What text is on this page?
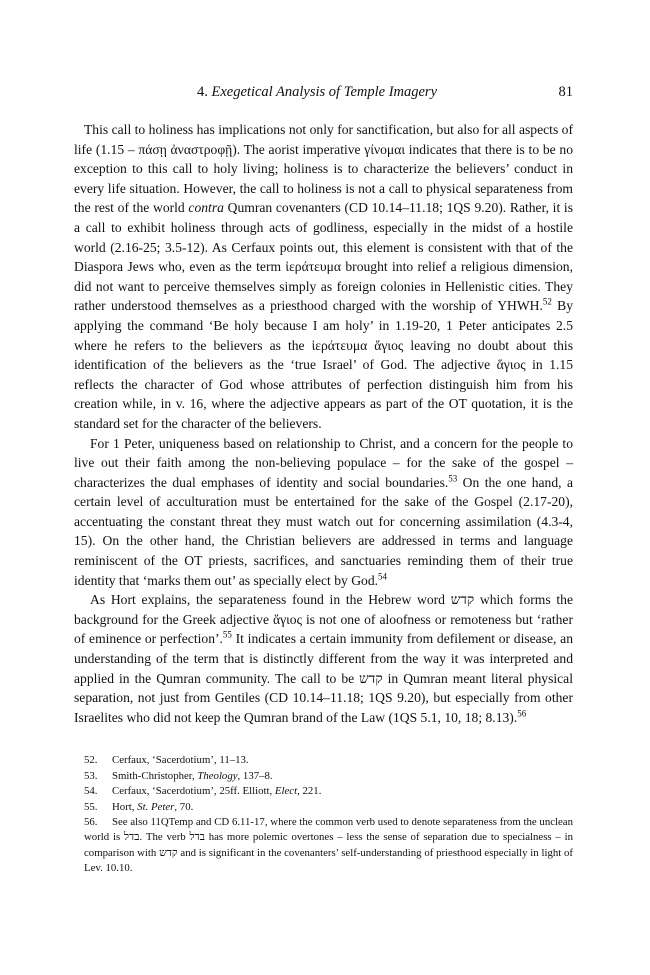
4. Exegetical Analysis of Temple Imagery	81

This call to holiness has implications not only for sanctification, but also for all aspects of life (1.15 – πάσῃ ἀναστροφῇ). The aorist imperative γίνομαι indicates that there is to be no exception to this call to holy living; holiness is to characterize the believers’ conduct in every life situation. However, the call to holiness is not a call to physical separateness from the rest of the world contra Qumran covenanters (CD 10.14–11.18; 1QS 9.20). Rather, it is a call to exhibit holiness through acts of godliness, especially in the midst of a hostile world (2.16-25; 3.5-12). As Cerfaux points out, this element is consistent with that of the Diaspora Jews who, even as the term ἱεράτευμα brought into relief a religious dimension, did not want to perceive themselves simply as foreign colonies in Hellenistic cities. They rather understood themselves as a priesthood charged with the worship of YHWH.$^{52}$ By applying the command ‘Be holy because I am holy’ in 1.19-20, 1 Peter anticipates 2.5 where he refers to the believers as the ἱεράτευμα ἅγιος leaving no doubt about this identification of the believers as the ‘true Israel’ of God. The adjective ἅγιος in 1.15 reflects the character of God whose attributes of perfection distinguish him from his creation while, in v. 16, where the adjective appears as part of the OT quotation, it is the standard set for the character of the believers.

For 1 Peter, uniqueness based on relationship to Christ, and a concern for the people to live out their faith among the non-believing populace – for the sake of the gospel – characterizes the dual emphases of identity and social boundaries.$^{53}$ On the one hand, a certain level of acculturation must be entertained for the sake of the Gospel (2.17-20), accentuating the constant threat they must watch out for concerning assimilation (4.3-4, 15). On the other hand, the Christian believers are addressed in terms and language reminiscent of the OT priests, sacrifices, and sanctuaries reminding them of their true identity that ‘marks them out’ as specially elect by God.$^{54}$

As Hort explains, the separateness found in the Hebrew word קדש which forms the background for the Greek adjective ἅγιος is not one of aloofness or remoteness but ‘rather of eminence or perfection’.$^{55}$ It indicates a certain immunity from defilement or disease, an understanding of the term that is distinctly different from the way it was interpreted and applied in the Qumran community. The call to be קדש in Qumran meant literal physical separation, not just from Gentiles (CD 10.14–11.18; 1QS 9.20), but especially from other Israelites who did not keep the Qumran brand of the Law (1QS 5.1, 10, 18; 8.13).$^{56}$

52.	Cerfaux, ‘Sacerdotium’, 11–13.
53.	Smith-Christopher, Theology, 137–8.
54.	Cerfaux, ‘Sacerdotium’, 25ff. Elliott, Elect, 221.
55.	Hort, St. Peter, 70.
56. See also 11QTemp and CD 6.11-17, where the common verb used to denote separateness from the unclean world is בדל. The verb בדל has more polemic overtones – less the sense of separation due to specialness – in comparison with קדש and is significant in the covenanters’ self-understanding of priesthood especially in light of Lev. 10.10.
